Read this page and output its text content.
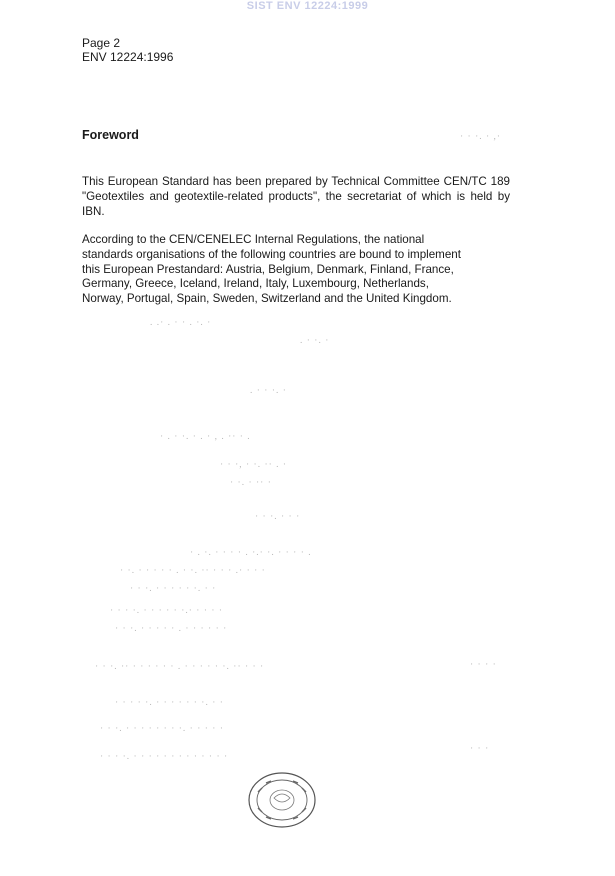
SIST ENV 12224:1999
Page 2
ENV 12224:1996
Foreword
This European Standard has been prepared by Technical Committee CEN/TC 189 "Geotextiles and geotextile-related products", the secretariat of which is held by IBN.
According to the CEN/CENELEC Internal Regulations, the national
standards organisations of the following countries are bound to implement
this European Prestandard: Austria, Belgium, Denmark, Finland, France,
Germany, Greece, Iceland, Ireland, Italy, Luxembourg, Netherlands,
Norway, Portugal, Spain, Sweden, Switzerland and the United Kingdom.
· · ·. · ,·
. .· . · · . ·. ·
. · ·. ·
. · · ·. ·
· . · ·. · . · , . ·· · .
· · ·, · ·. ·· . ·
· ·. · ·· ·
· · ·. · · ·
· . ·. · · · · . ·.· ·. · · · · .
· ·. · · · · · . · ·. ·· · · · .· · · ·
· · ·. · · · · · ·. · ·
· · · ·. · · · · · ·.· · · · ·
· · ·. · · · · · . · · · · · ·
· · ·. ·· · · · · · · . · · · · · ·. ·· · · ·	· · · ·
· · · · ·. · · · · · · ·. · ·
· · ·. · · · · · · · ·. · · · · ·
· · · ·. · · · · · · · · · · · · ·
· · ·
